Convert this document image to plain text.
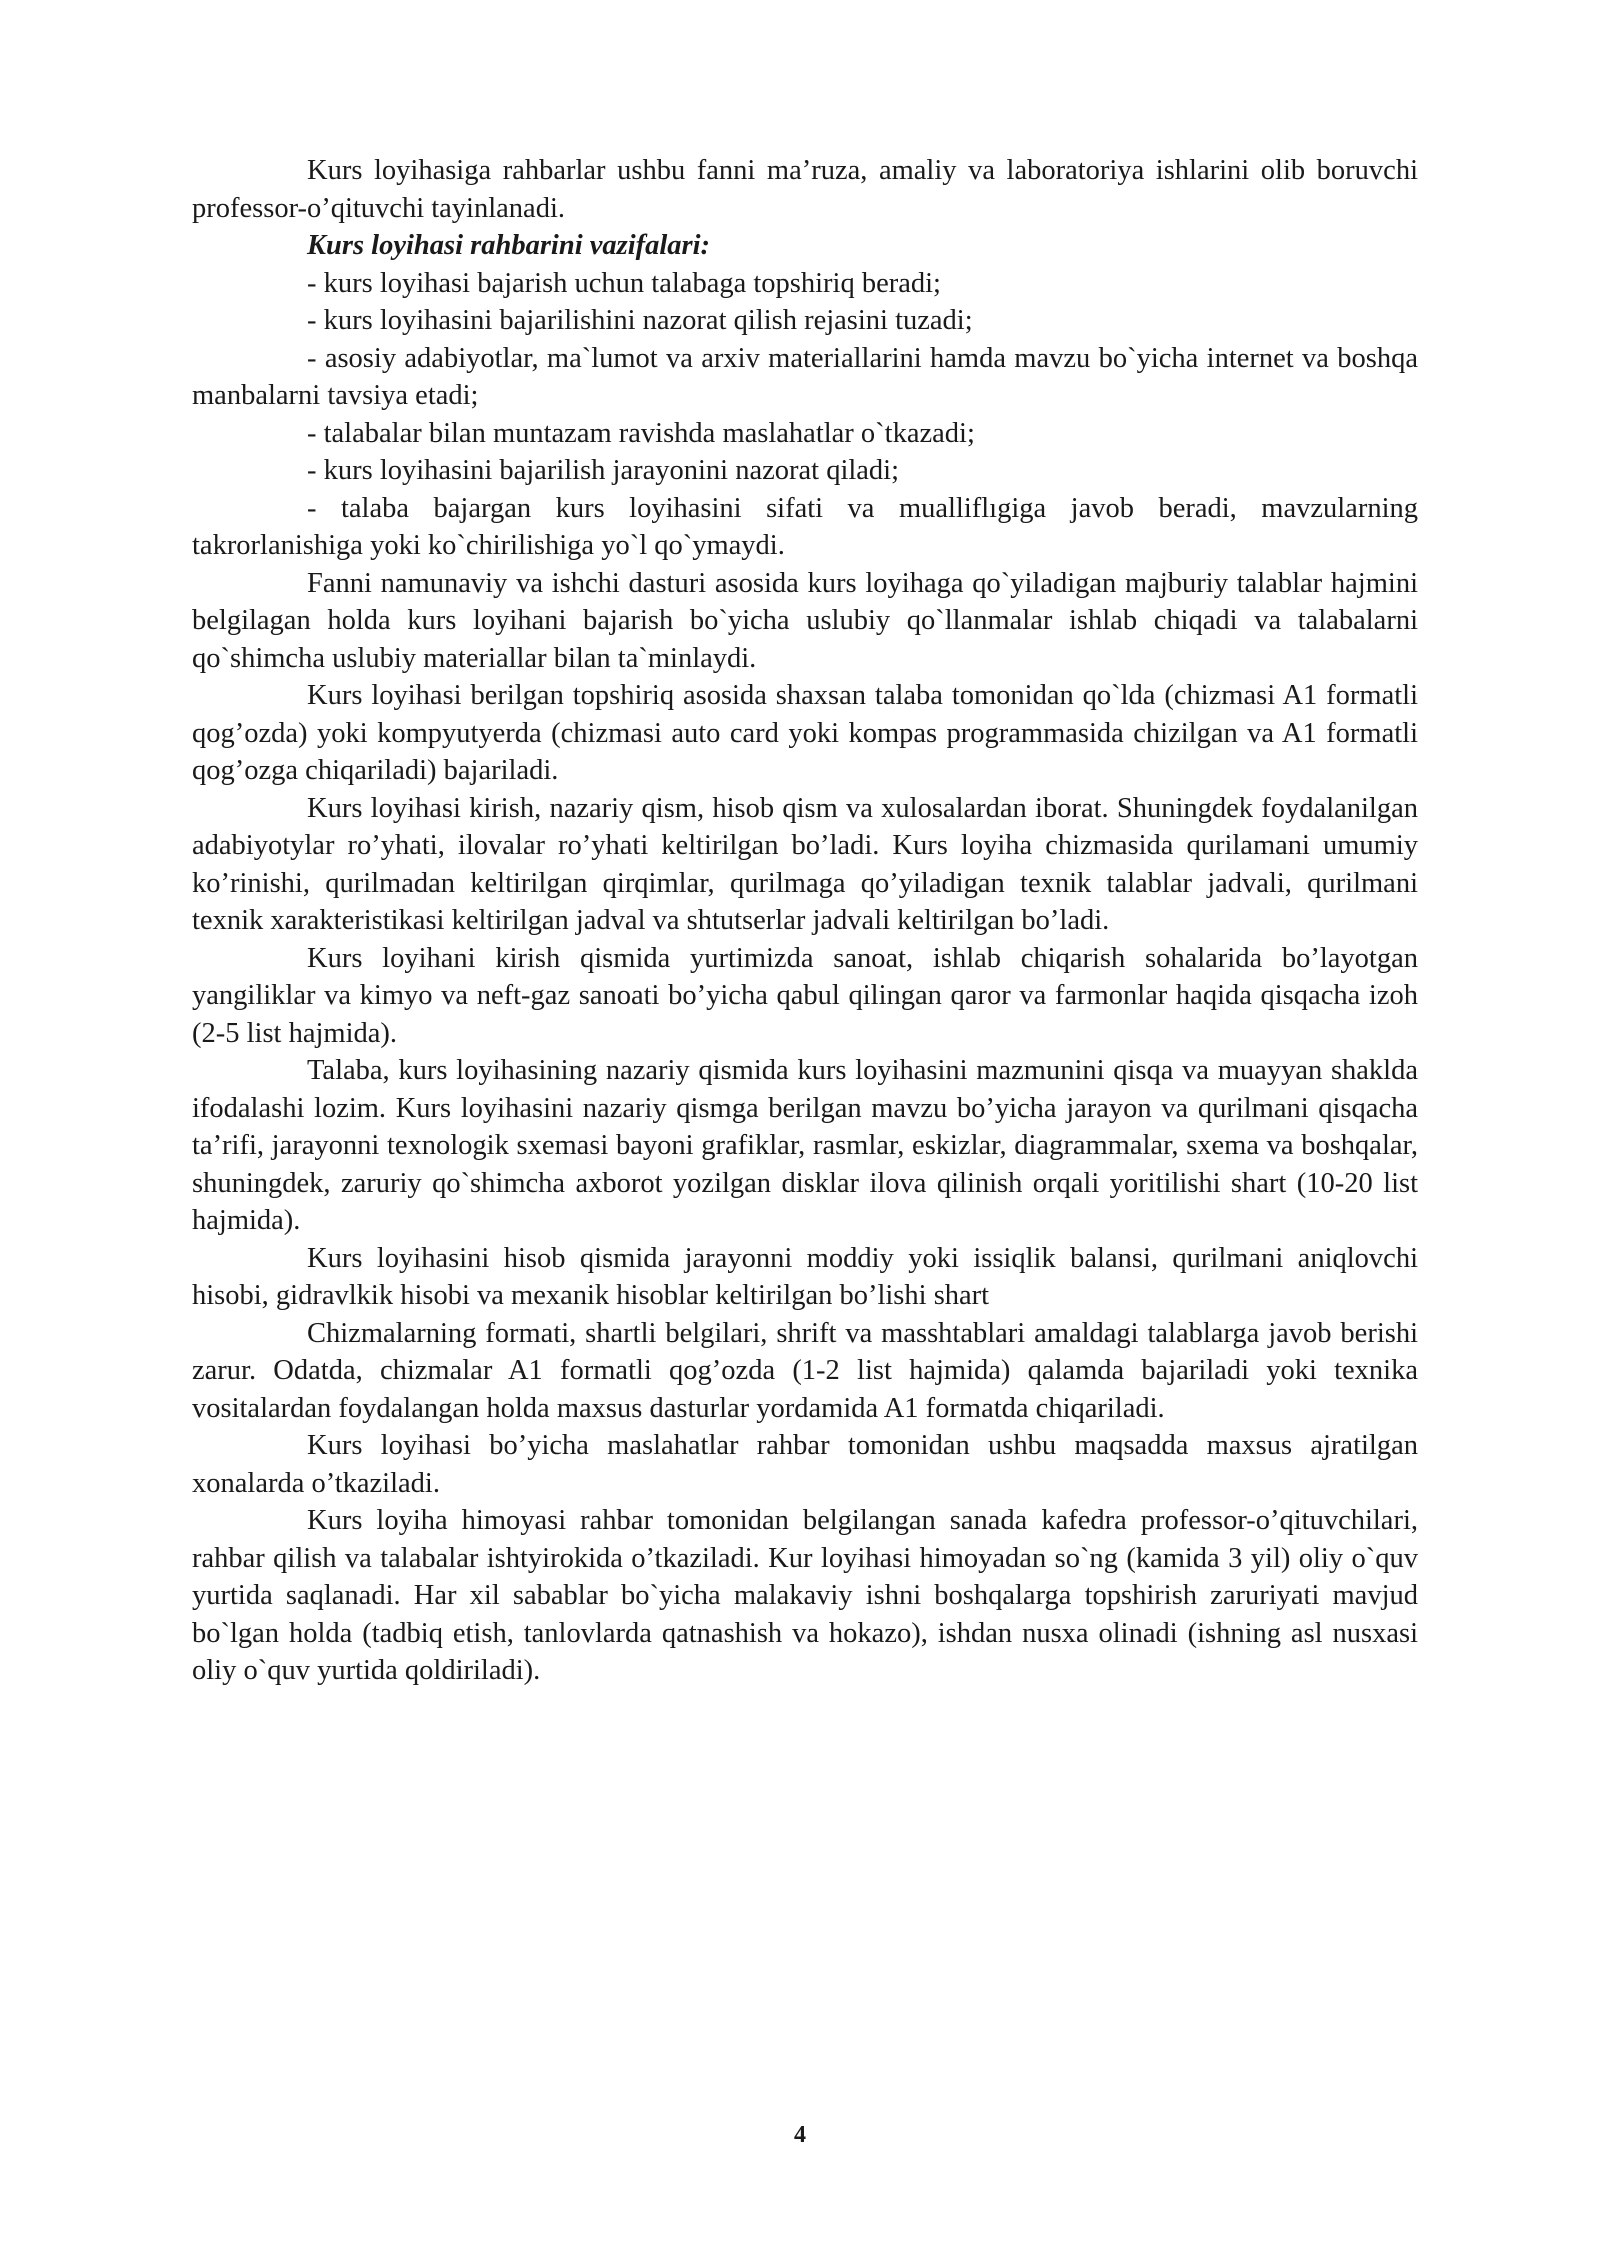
Kurs loyihasiga rahbarlar ushbu fanni ma’ruza, amaliy va laboratoriya ishlarini olib boruvchi professor-o’qituvchi tayinlanadi.

Kurs loyihasi rahbarini vazifalari:

- kurs loyihasi bajarish uchun talabaga topshiriq beradi;

- kurs loyihasini bajarilishini nazorat qilish rejasini tuzadi;

- asosiy adabiyotlar, ma`lumot va arxiv materiallarini hamda mavzu bo`yicha internet va boshqa manbalarni tavsiya etadi;

- talabalar bilan muntazam ravishda maslahatlar o`tkazadi;

- kurs loyihasini bajarilish jarayonini nazorat qiladi;

- talaba bajargan kurs loyihasini sifati va mualliflıgiga javob beradi, mavzularning takrorlanishiga yoki ko`chirilishiga yo`l qo`ymaydi.

Fanni namunaviy va ishchi dasturi asosida kurs loyihaga qo`yiladigan majburiy talablar hajmini belgilagan holda kurs loyihani bajarish bo`yicha uslubiy qo`llanmalar ishlab chiqadi va talabalarni qo`shimcha uslubiy materiallar bilan ta`minlaydi.

Kurs loyihasi berilgan topshiriq asosida shaxsan talaba tomonidan qo`lda (chizmasi A1 formatli qog’ozda) yoki kompyutyerda (chizmasi auto card yoki kompas programmasida chizilgan va A1 formatli qog’ozga chiqariladi) bajariladi.

Kurs loyihasi kirish, nazariy qism, hisob qism va xulosalardan iborat. Shuningdek foydalanilgan adabiyotylar ro’yhati, ilovalar ro’yhati keltirilgan bo’ladi. Kurs loyiha chizmasida qurilamani umumiy ko’rinishi, qurilmadan keltirilgan qirqimlar, qurilmaga qo’yiladigan texnik talablar jadvali, qurilmani texnik xarakteristikasi keltirilgan jadval va shtutserlar jadvali keltirilgan bo’ladi.

Kurs loyihani kirish qismida yurtimizda sanoat, ishlab chiqarish sohalarida bo’layotgan yangiliklar va kimyo va neft-gaz sanoati bo’yicha qabul qilingan qaror va farmonlar haqida qisqacha izoh (2-5 list hajmida).

Talaba, kurs loyihasining nazariy qismida kurs loyihasini mazmunini qisqa va muayyan shaklda ifodalashi lozim. Kurs loyihasini nazariy qismga berilgan mavzu bo’yicha jarayon va qurilmani qisqacha ta’rifi, jarayonni texnologik sxemasi bayoni grafiklar, rasmlar, eskizlar, diagrammalar, sxema va boshqalar, shuningdek, zaruriy qo`shimcha axborot yozilgan disklar ilova qilinish orqali yoritilishi shart (10-20 list hajmida).

Kurs loyihasini hisob qismida jarayonni moddiy yoki issiqlik balansi, qurilmani aniqlovchi hisobi, gidravlkik hisobi va mexanik hisoblar keltirilgan bo’lishi shart

Chizmalarning formati, shartli belgilari, shrift va masshtablari amaldagi talablarga javob berishi zarur. Odatda, chizmalar A1 formatli qog’ozda (1-2 list hajmida) qalamda bajariladi yoki texnika vositalardan foydalangan holda maxsus dasturlar yordamida A1 formatda chiqariladi.

Kurs loyihasi bo’yicha maslahatlar rahbar tomonidan ushbu maqsadda maxsus ajratilgan xonalarda o’tkaziladi.

Kurs loyiha himoyasi rahbar tomonidan belgilangan sanada kafedra professor-o’qituvchilari, rahbar qilish va talabalar ishtyirokida o’tkaziladi. Kur loyihasi himoyadan so`ng (kamida 3 yil) oliy o`quv yurtida saqlanadi. Har xil sabablar bo`yicha malakaviy ishni boshqalarga topshirish zaruriyati mavjud bo`lgan holda (tadbiq etish, tanlovlarda qatnashish va hokazo), ishdan nusxa olinadi (ishning asl nusxasi oliy o`quv yurtida qoldiriladi).

4
